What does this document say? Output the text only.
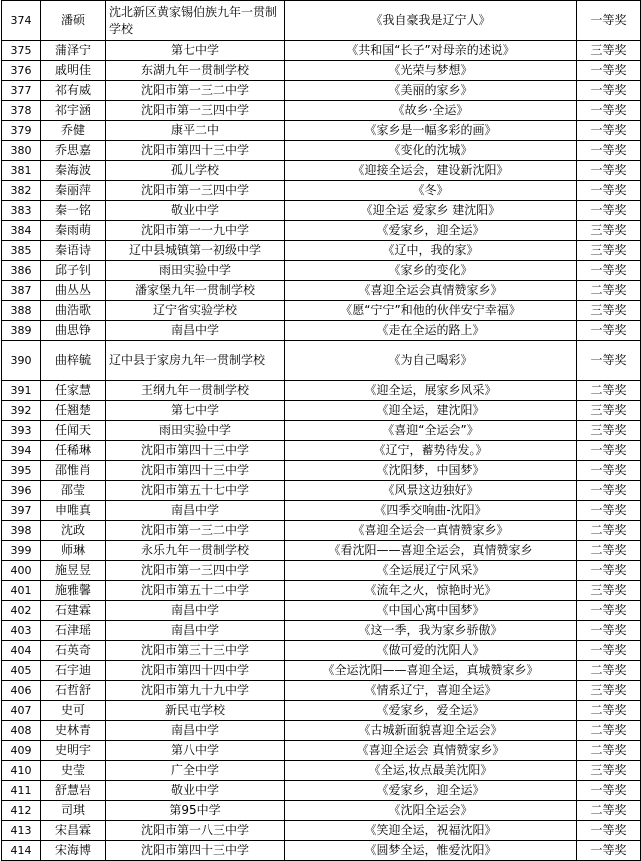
374	潘硕	沈北新区黄家锡伯族九年一贯制学校	《我自豪我是辽宁人》	一等奖
375	蒲泽宁	第七中学	《共和国“长子”对母亲的述说》	三等奖
376	戚明佳	东湖九年一贯制学校	《光荣与梦想》	一等奖
377	祁有威	沈阳市第一三二中学	《美丽的家乡》	一等奖
378	祁宇涵	沈阳市第一三四中学	《故乡·全运》	一等奖
379	乔健	康平二中	《家乡是一幅多彩的画》	一等奖
380	乔思嘉	沈阳市第四十三中学	《变化的沈城》	一等奖
381	秦海波	孤儿学校	《迎接全运会，建设新沈阳》	一等奖
382	秦丽萍	沈阳市第一三四中学	《冬》	一等奖
383	秦一铭	敬业中学	《迎全运 爱家乡 建沈阳》	一等奖
384	秦雨萌	沈阳市第一一九中学	《爱家乡，迎全运》	三等奖
385	秦语诗	辽中县城镇第一初级中学	《辽中，我的家》	三等奖
386	邱子钊	雨田实验中学	《家乡的变化》	一等奖
387	曲丛丛	潘家堡九年一贯制学校	《喜迎全运会真情赞家乡》	二等奖
388	曲浩歌	辽宁省实验学校	《愿“宁宁”和他的伙伴安宁幸福》	三等奖
389	曲思铮	南昌中学	《走在全运的路上》	一等奖
390	曲梓毓	辽中县于家房九年一贯制学校	《为自己喝彩》	一等奖
391	任家慧	王纲九年一贯制学校	《迎全运，展家乡风采》	二等奖
392	任翘楚	第七中学	《迎全运，建沈阳》	三等奖
393	任闻天	雨田实验中学	《喜迎“全运会”》	三等奖
394	任稀琳	沈阳市第四十三中学	《辽宁，蓄势待发。》	一等奖
395	邵惟肖	沈阳市第四十三中学	《沈阳梦，中国梦》	一等奖
396	邵莹	沈阳市第五十七中学	《风景这边独好》	一等奖
397	申唯真	南昌中学	《四季交响曲-沈阳》	一等奖
398	沈政	沈阳市第一三二中学	《喜迎全运会一真情赞家乡》	二等奖
399	师琳	永乐九年一贯制学校	《看沈阳——喜迎全运会，真情赞家乡	二等奖
400	施昱昱	沈阳市第一三四中学	《全运展辽宁风采》	一等奖
401	施雅馨	沈阳市第五十二中学	《流年之火，惊艳时光》	三等奖
402	石建霖	南昌中学	《中国心寓中国梦》	一等奖
403	石津瑶	南昌中学	《这一季，我为家乡骄傲》	一等奖
404	石英奇	沈阳市第三十三中学	《做可爱的沈阳人》	一等奖
405	石宇迪	沈阳市第四十四中学	《全运沈阳——喜迎全运，真城赞家乡》	二等奖
406	石哲舒	沈阳市第九十九中学	《情系辽宁，喜迎全运》	三等奖
407	史可	新民屯学校	《爱家乡，爱全运》	二等奖
408	史林青	南昌中学	《古城新面貌喜迎全运会》	二等奖
409	史明宇	第八中学	《喜迎全运会 真情赞家乡》	二等奖
410	史莹	广全中学	《全运,妆点最美沈阳》	三等奖
411	舒慧岩	敬业中学	《爱家乡，迎全运》	一等奖
412	司琪	第95中学	《沈阳全运会》	二等奖
413	宋昌霖	沈阳市第一八三中学	《笑迎全运，祝福沈阳》	一等奖
414	宋海博	沈阳市第四十三中学	《圆梦全运，惟爱沈阳》	一等奖
